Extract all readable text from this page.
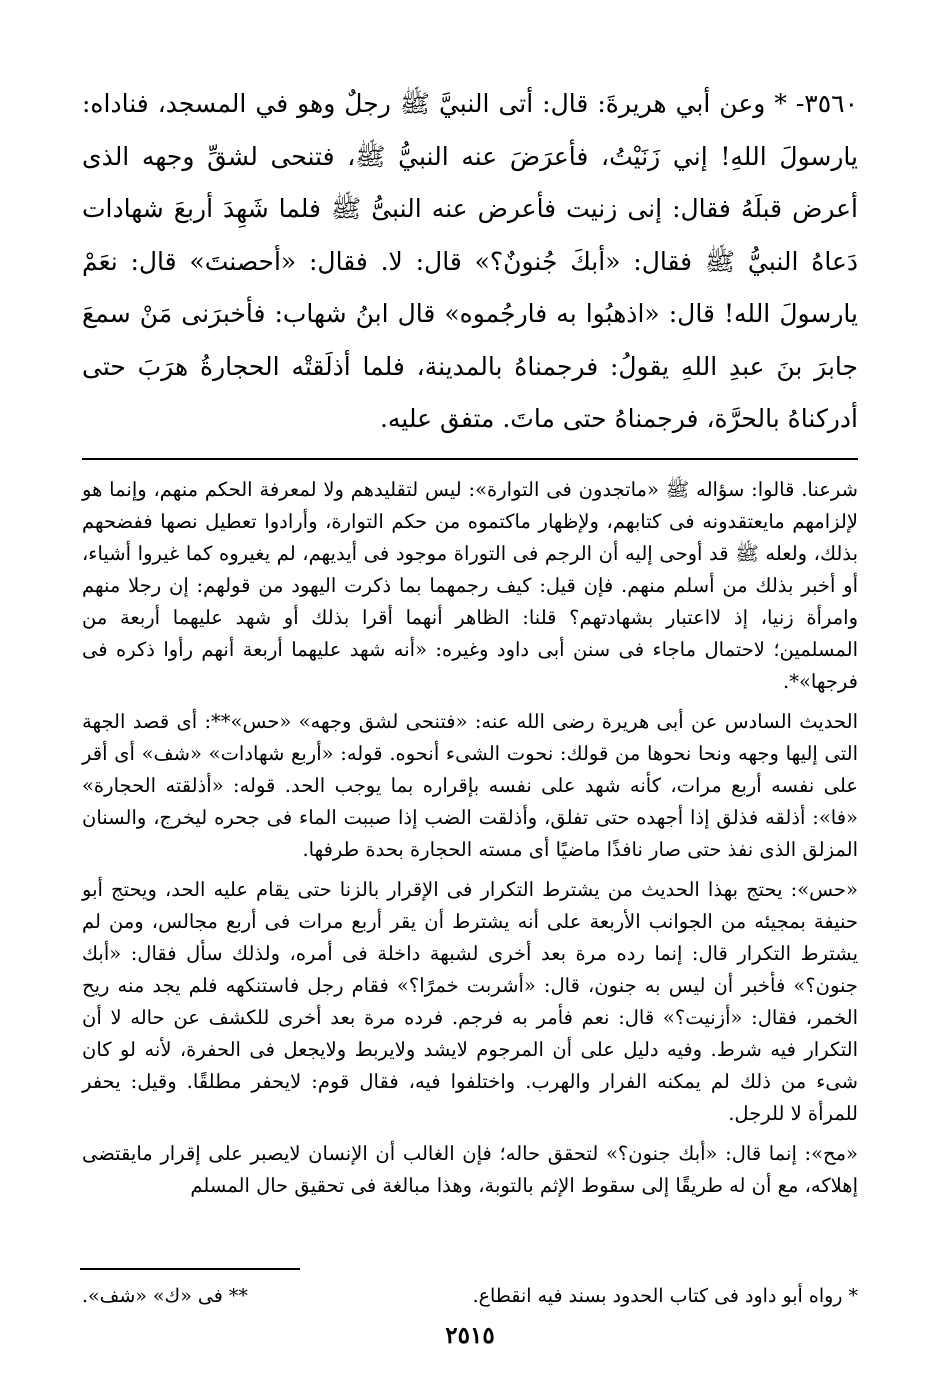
٣٥٦٠- * وعن أبي هريرةَ: قال: أتى النبيَّ ﷺ رجلٌ وهو في المسجد، فناداه: يارسولَ اللهِ! إني زَنَيْتُ، فأعرَضَ عنه النبيُّ ﷺ، فتنحى لشقِّ وجهه الذى أعرض قبلَهُ فقال: إنى زنيت فأعرض عنه النبىُّ ﷺ فلما شَهِدَ أربعَ شهادات دَعاهُ النبيُّ ﷺ فقال: «أبكَ جُنونٌ؟» قال: لا. فقال: «أحصنتَ» قال: نعَمْ يارسولَ الله! قال: «اذهبُوا به فارجُموه» قال ابنُ شهاب: فأخبرَنى مَنْ سمعَ جابرَ بنَ عبدِ اللهِ يقولُ: فرجمناهُ بالمدينة، فلما أذلَقتْه الحجارةُ هرَبَ حتى أدركناهُ بالحرَّة، فرجمناهُ حتى ماتَ. متفق عليه.

شرعنا. قالوا: سؤاله ﷺ «ماتجدون فى التوارة»: ليس لتقليدهم ولا لمعرفة الحكم منهم، وإنما هو لإلزامهم مايعتقدونه فى كتابهم، ولإظهار ماكتموه من حكم التوارة، وأرادوا تعطيل نصها ففضحهم بذلك، ولعله ﷺ قد أوحى إليه أن الرجم فى التوراة موجود فى أيديهم، لم يغيروه كما غيروا أشياء، أو أخبر بذلك من أسلم منهم. فإن قيل: كيف رجمهما بما ذكرت اليهود من قولهم: إن رجلا منهم وامرأة زنيا، إذ لااعتبار بشهادتهم؟ قلنا: الظاهر أنهما أقرا بذلك أو شهد عليهما أربعة من المسلمين؛ لاحتمال ماجاء فى سنن أبى داود وغيره: «أنه شهد عليهما أربعة أنهم رأوا ذكره فى فرجها»*.

الحديث السادس عن أبى هريرة رضى الله عنه: «فتنحى لشق وجهه» «حس»**: أى قصد الجهة التى إليها وجهه ونحا نحوها من قولك: نحوت الشىء أنحوه. قوله: «أربع شهادات» «شف» أى أقر على نفسه أربع مرات، كأنه شهد على نفسه بإقراره بما يوجب الحد. قوله: «أذلقته الحجارة» «فا»: أذلقه فذلق إذا أجهده حتى تفلق، وأذلقت الضب إذا صببت الماء فى جحره ليخرج، والسنان المزلق الذى نفذ حتى صار نافذًا ماضيًا أى مسته الحجارة بحدة طرفها.

«حس»: يحتج بهذا الحديث من يشترط التكرار فى الإقرار بالزنا حتى يقام عليه الحد، ويحتج أبو حنيفة بمجيئه من الجوانب الأربعة على أنه يشترط أن يقر أربع مرات فى أربع مجالس، ومن لم يشترط التكرار قال: إنما رده مرة بعد أخرى لشبهة داخلة فى أمره، ولذلك سأل فقال: «أبك جنون؟» فأخبر أن ليس به جنون، قال: «أشربت خمرًا؟» فقام رجل فاستنكهه فلم يجد منه ريح الخمر، فقال: «أزنيت؟» قال: نعم فأمر به فرجم. فرده مرة بعد أخرى للكشف عن حاله لا أن التكرار فيه شرط. وفيه دليل على أن المرجوم لايشد ولايربط ولايجعل فى الحفرة، لأنه لو كان شىء من ذلك لم يمكنه الفرار والهرب. واختلفوا فيه، فقال قوم: لايحفر مطلقًا. وقيل: يحفر للمرأة لا للرجل.

«مح»: إنما قال: «أبك جنون؟» لتحقق حاله؛ فإن الغالب أن الإنسان لايصبر على إقرار مايقتضى إهلاكه، مع أن له طريقًا إلى سقوط الإثم بالتوبة، وهذا مبالغة فى تحقيق حال المسلم

* رواه أبو داود فى كتاب الحدود بسند فيه انقطاع.
** فى «ك» «شف».
٢٥١٥
